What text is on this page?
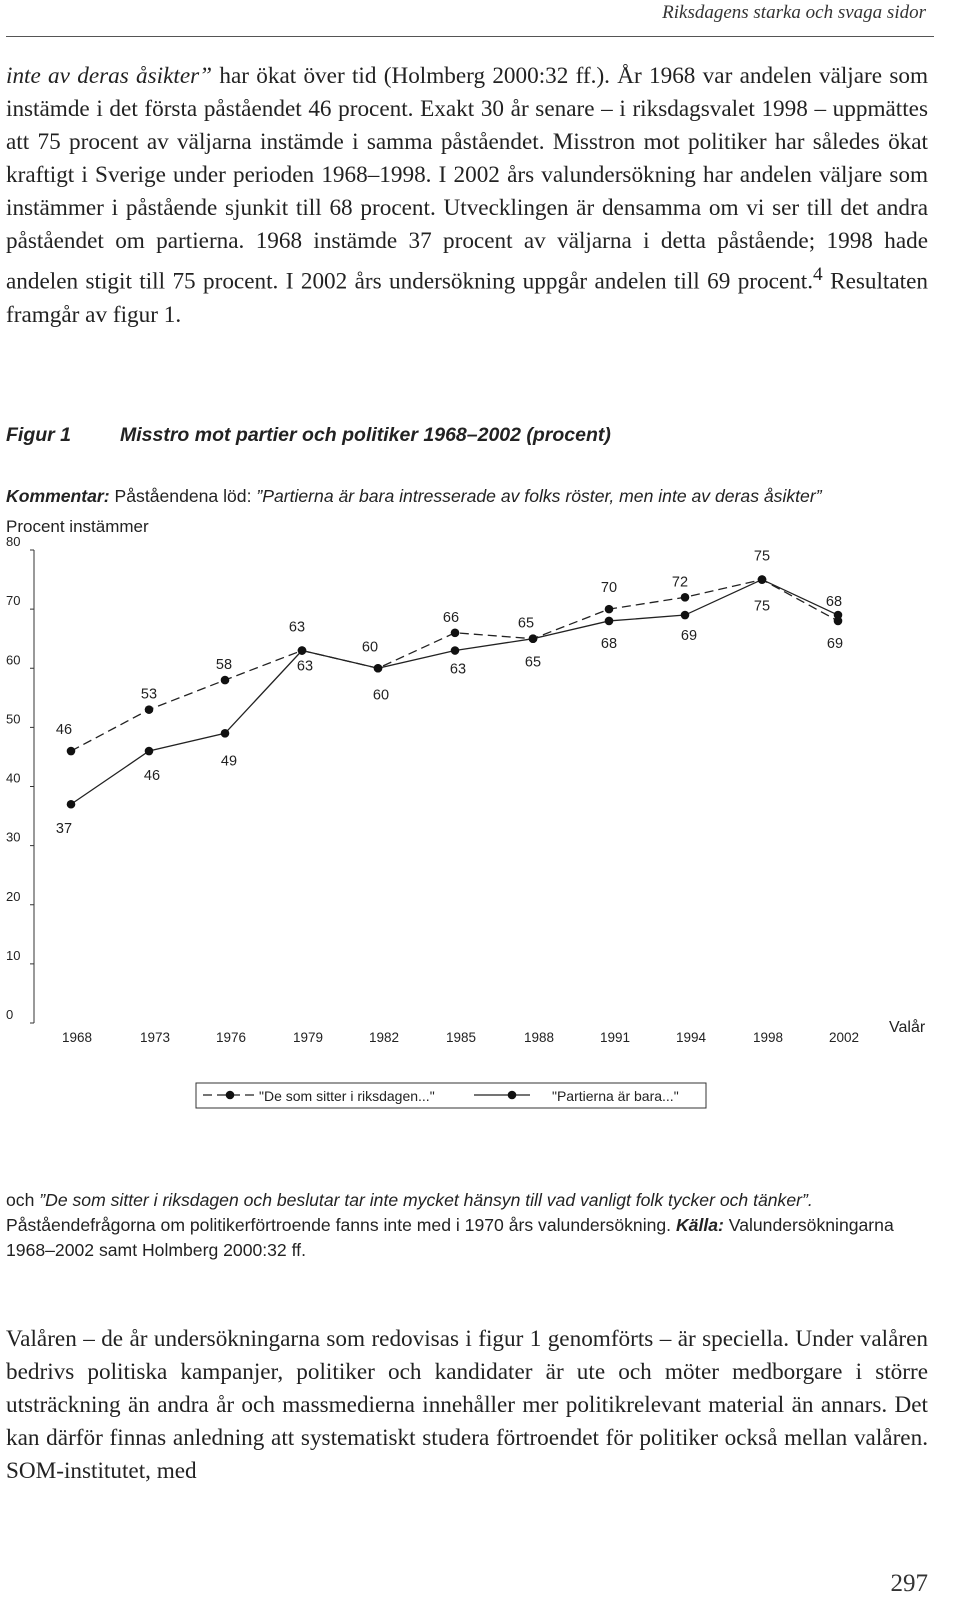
Riksdagens starka och svaga sidor

inte av deras åsikter” har ökat över tid (Holmberg 2000:32 ff.). År 1968 var andelen väljare som instämde i det första påståendet 46 procent. Exakt 30 år senare – i riksdagsvalet 1998 – uppmättes att 75 procent av väljarna instämde i samma påståendet. Misstron mot politiker har således ökat kraftigt i Sverige under perioden 1968–1998. I 2002 års valundersökning har andelen väljare som instämmer i påstående sjunkit till 68 procent. Utvecklingen är densamma om vi ser till det andra påståendet om partierna. 1968 instämde 37 procent av väljarna i detta påstående; 1998 hade andelen stigit till 75 procent. I 2002 års undersökning uppgår andelen till 69 procent.$^4$ Resultaten framgår av figur 1.

Figur 1	Misstro mot partier och politiker 1968–2002 (procent)
Kommentar: Påståendena löd: ”Partierna är bara intresserade av folks röster, men inte av deras åsikter”
Procent instämmer
0
10
20
30
40
50
60
70
80
1968	1973	1976	1979	1982	1985	1988	1991	1994	1998	2002
Valår
46
53
58
63
60
66	65
70	72
75
68
37
46
49
63
60
63	65
68	69
75
69
"De som sitter i riksdagen..."	"Partierna är bara..."

och ”De som sitter i riksdagen och beslutar tar inte mycket hänsyn till vad vanligt folk tycker och tänker”. Påståendefrågorna om politikerförtroende fanns inte med i 1970 års valundersökning. Källa: Valundersökningarna 1968–2002 samt Holmberg 2000:32 ff.

Valåren – de år undersökningarna som redovisas i figur 1 genomförts – är speciella. Under valåren bedrivs politiska kampanjer, politiker och kandidater är ute och möter medborgare i större utsträckning än andra år och massmedierna innehåller mer politikrelevant material än annars. Det kan därför finnas anledning att systematiskt studera förtroendet för politiker också mellan valåren. SOM-institutet, med

297
